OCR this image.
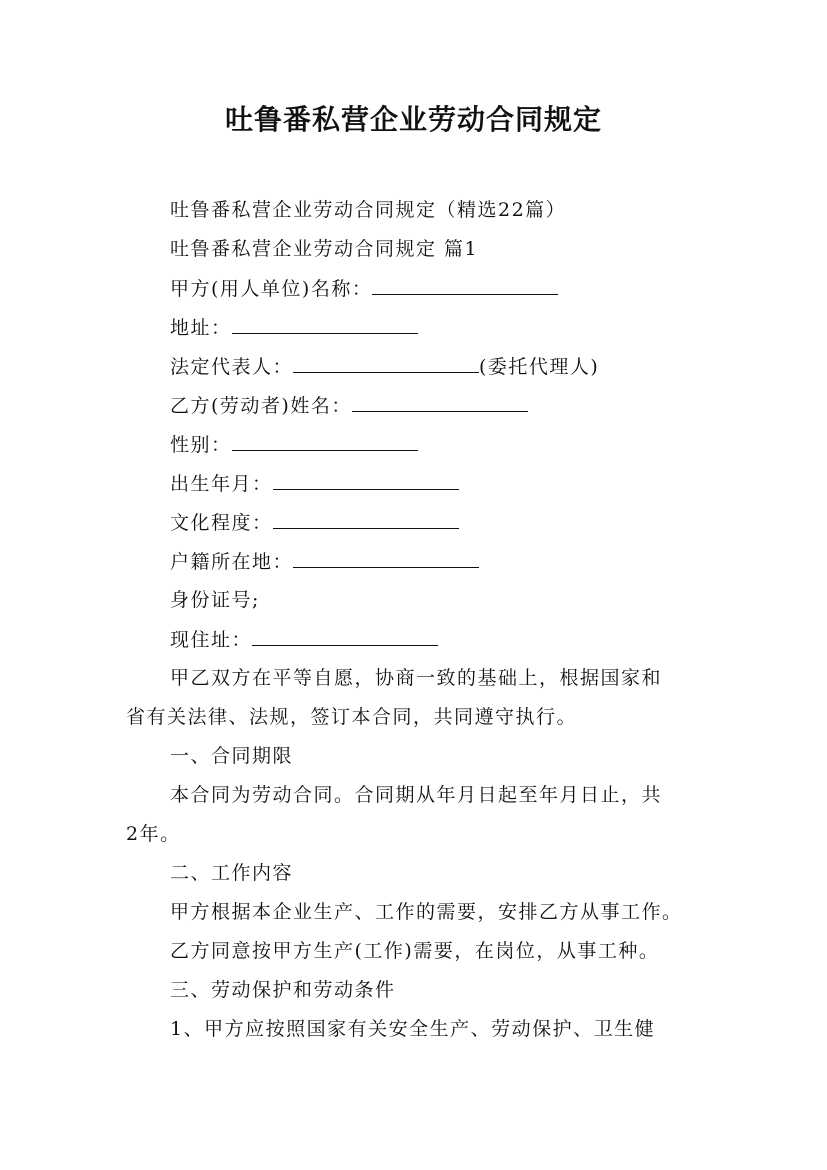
吐鲁番私营企业劳动合同规定
吐鲁番私营企业劳动合同规定（精选22篇）
吐鲁番私营企业劳动合同规定 篇1
甲方(用人单位)名称：
地址：
法定代表人：	(委托代理人)
乙方(劳动者)姓名：
性别：
出生年月：
文化程度：
户籍所在地：
身份证号;
现住址：
甲乙双方在平等自愿，协商一致的基础上，根据国家和
省有关法律、法规，签订本合同，共同遵守执行。
一、合同期限
本合同为劳动合同。合同期从年月日起至年月日止，共
2年。
二、工作内容
甲方根据本企业生产、工作的需要，安排乙方从事工作。
乙方同意按甲方生产(工作)需要，在岗位，从事工种。
三、劳动保护和劳动条件
1、甲方应按照国家有关安全生产、劳动保护、卫生健
